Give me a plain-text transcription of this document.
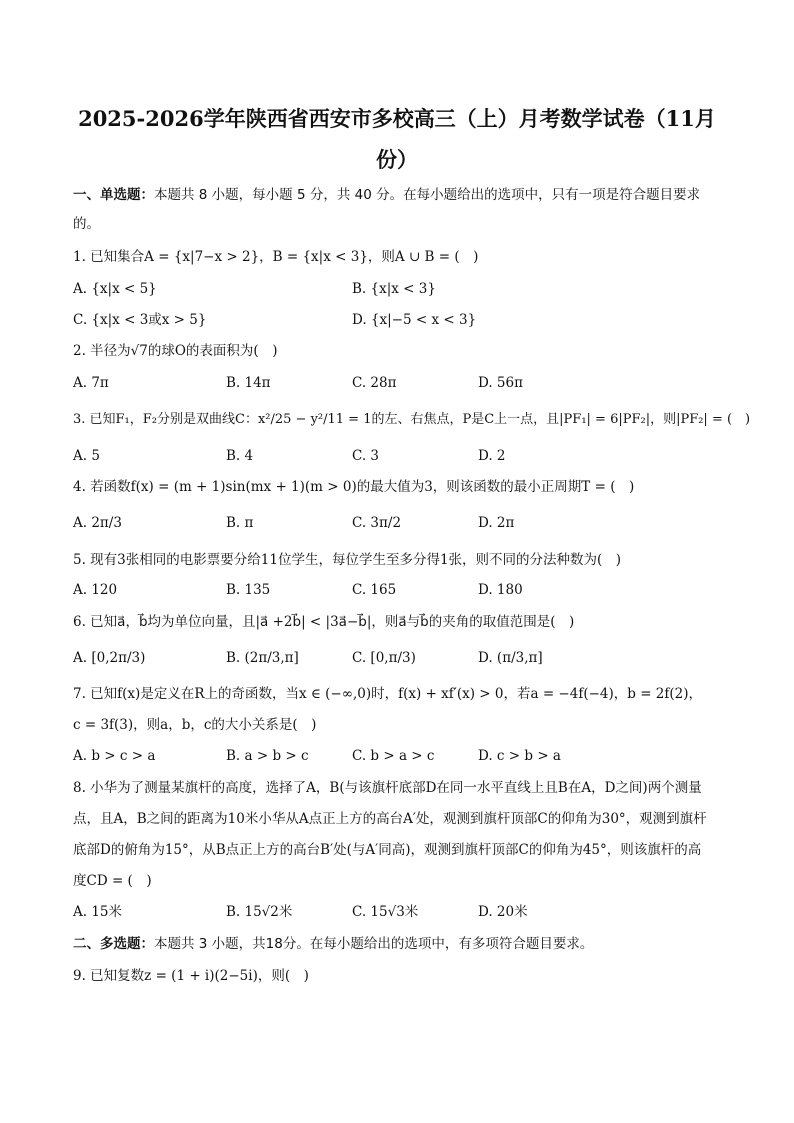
2025-2026学年陕西省西安市多校高三（上）月考数学试卷（11月
份）
一、单选题：本题共 8 小题，每小题 5 分，共 40 分。在每小题给出的选项中，只有一项是符合题目要求
的。
1. 已知集合A = {x|7−x > 2}，B = {x|x < 3}，则A ∪ B = (　)
A. {x|x < 5}	B. {x|x < 3}
C. {x|x < 3或x > 5}	D. {x|−5 < x < 3}
2. 半径为√7的球O的表面积为(　)
A. 7π	B. 14π	C. 28π	D. 56π
3. 已知F₁，F₂分别是双曲线C：x²/25 − y²/11 = 1的左、右焦点，P是C上一点，且|PF₁| = 6|PF₂|，则|PF₂| = (　)
A. 5	B. 4	C. 3	D. 2
4. 若函数f(x) = (m + 1)sin(mx + 1)(m > 0)的最大值为3，则该函数的最小正周期T = (　)
A. 2π/3	B. π	C. 3π/2	D. 2π
5. 现有3张相同的电影票要分给11位学生，每位学生至多分得1张，则不同的分法种数为(　)
A. 120	B. 135	C. 165	D. 180
6. 已知a⃗，b⃗均为单位向量，且|a⃗ +2b⃗| < |3a⃗−b⃗|，则a⃗与b⃗的夹角的取值范围是(　)
A. [0,2π/3)	B. (2π/3,π]	C. [0,π/3)	D. (π/3,π]
7. 已知f(x)是定义在R上的奇函数，当x ∈ (−∞,0)时，f(x) + xf′(x) > 0，若a = −4f(−4)，b = 2f(2)，
c = 3f(3)，则a，b，c的大小关系是(　)
A. b > c > a	B. a > b > c	C. b > a > c	D. c > b > a
8. 小华为了测量某旗杆的高度，选择了A，B(与该旗杆底部D在同一水平直线上且B在A，D之间)两个测量
点，且A，B之间的距离为10米小华从A点正上方的高台A′处，观测到旗杆顶部C的仰角为30°，观测到旗杆
底部D的俯角为15°，从B点正上方的高台B′处(与A′同高)，观测到旗杆顶部C的仰角为45°，则该旗杆的高
度CD = (　)
A. 15米	B. 15√2米	C. 15√3米	D. 20米
二、多选题：本题共 3 小题，共18分。在每小题给出的选项中，有多项符合题目要求。
9. 已知复数z = (1 + i)(2−5i)，则(　)
